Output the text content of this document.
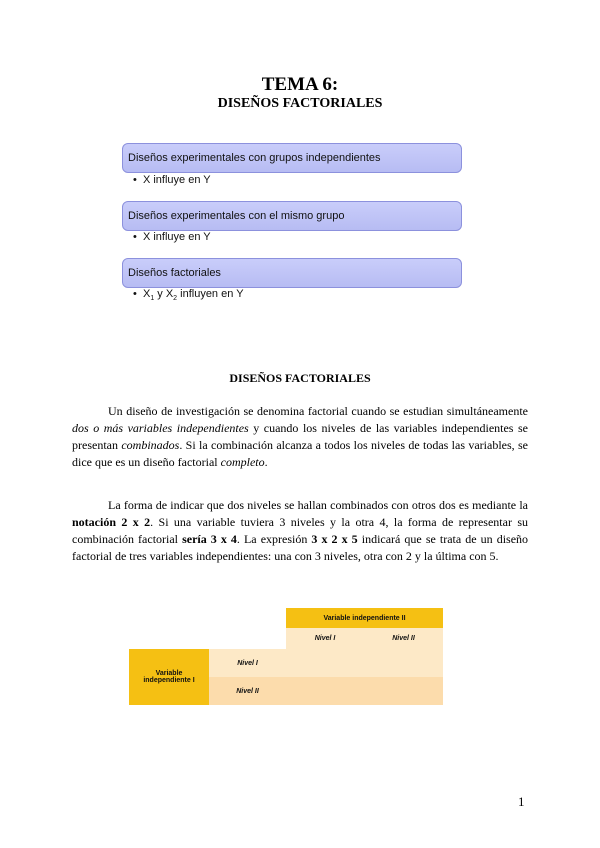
TEMA 6:
DISEÑOS FACTORIALES
Diseños experimentales con grupos independientes
•  X influye en Y
Diseños experimentales con el mismo grupo
•  X influye en Y
Diseños factoriales
•  $X_1$ y $X_2$ influyen en Y
DISEÑOS FACTORIALES
Un diseño de investigación se denomina factorial cuando se estudian simultáneamente dos o más variables independientes y cuando los niveles de las variables independientes se presentan combinados. Si la combinación alcanza a todos los niveles de todas las variables, se dice que es un diseño factorial completo.
La forma de indicar que dos niveles se hallan combinados con otros dos es mediante la notación 2 x 2. Si una variable tuviera 3 niveles y la otra 4, la forma de representar su combinación factorial sería 3 x 4. La expresión 3 x 2 x 5 indicará que se trata de un diseño factorial de tres variables independientes: una con 3 niveles, otra con 2 y la última con 5.
		Variable independiente II	
		Nivel I	Nivel II
Variable independiente I	Nivel I		
	Nivel II		
1
